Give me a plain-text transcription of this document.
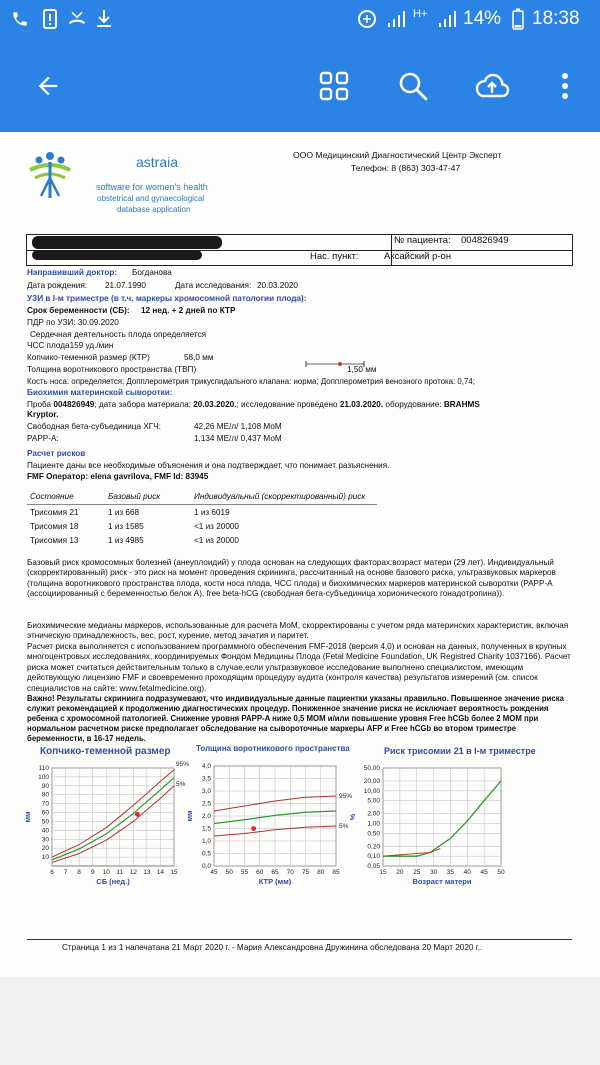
H+ 14% 18:38
astraia
software for women's health
obstetrical and gynaecological
database application
ООО Медицинский Диагностический Центр Эксперт
Телефон: 8 (863) 303-47-47
№ пациента: 004826949
Нас. пункт:	Аксайский р-он
Направивший доктор: Богданова
Дата рождения: 21.07.1990	Дата исследования: 20.03.2020
УЗИ в I-м триместре (в т.ч. маркеры хромосомной патологии плода):
Срок беременности (СБ): 12 нед. + 2 дней по КТР
ПДР по УЗИ: 30.09.2020
Сердечная деятельность плода определяется
ЧСС плода159 уд./мин
Копчико-теменной размер (КТР)	58,0 мм
Толщина воротникового пространства (ТВП)	1,50 мм
Кость носа: определяется; Допплерометрия трикуспидального клапана: норма; Допплерометрия венозного протока: 0,74;
Биохимия материнской сыворотки:
Проба 004826949; дата забора материала: 20.03.2020.; исследование проведено 21.03.2020. оборудование: BRAHMS
Kryptor.
Свободная бета-субъединица ХГЧ:	42,26 МЕ/л/ 1,108 МоМ
PAPP-A:	1,134 МЕ/л/ 0,437 МоМ
Расчет рисков
Пациенте даны все необходимые объяснения и она подтверждает, что понимает разъяснения.
FMF Оператор: elena gavrilova, FMF Id: 83945
Состояние	Базовый риск	Индивидуальный (скорректированный) риск
Трисомия 21	1 из 668	1 из 6019
Трисомия 18	1 из 1585	<1 из 20000
Трисомия 13	1 из 4985	<1 из 20000
Базовый риск хромосомных болезней (анеуплоидий) у плода основан на следующих факторах:возраст матери (29 лет). Индивидуальный (скорректированный) риск - это риск на момент проведения скрининга, рассчитанный на основе базового риска, ультразвуковых маркеров (толщина воротникового пространства плода, кости носа плода, ЧСС плода) и биохимических маркеров материнской сыворотки (PAPP-A (ассоциированный с беременностью белок А), free beta-hCG (свободная бета-субъединица хорионического гонадотропина)).
Биохимические медианы маркеров, использованные для расчета МоМ, скорректированы с учетом ряда материнских характеристик, включая этническую принадлежность, вес, рост, курение, метод зачатия и паритет.
Расчет риска выполняется с использованием программного обеспечения FMF-2018 (версия 4,0) и основан на данных, полученных в крупных многоцентровых исследованиях, координируемых Фондом Медицины Плода (Fetal Medicine Foundation, UK Registred Charity 1037166). Расчет риска может считаться действительным только в случае,если ультразвуковое исследование выполнено специалистом, имеющим действующую лицензию FMF и своевременно проходящим процедуру аудита (контроля качества) результатов измерений (см. список специалистов на сайте: www.fetalmedicine.org).
Важно! Результаты скрининга подразумевают, что индивидуальные данные пациентки указаны правильно. Повышенное значение риска служит рекомендацией к продолжению диагностических процедур. Пониженное значение риска не исключает вероятность рождения ребенка с хромосомной патологией. Снижение уровня PAPP-A ниже 0,5 МОМ и/или повышение уровня Free hCGb более 2 МОМ при нормальном расчетном риске предполагает обследование на сывороточные маркеры AFP и Free hCGb во втором триместре беременности, в 16-17 недель.
Копчико-теменной размер	Толщина воротникового пространства	Риск трисомии 21 в I-м триместре
6 7 8 9 10 11 12 13 14 15
110
100
90
80
70
60
50
40
30
20
10
95%
5%
СБ (нед.)
мм
45 50 55 60 65 70 75 80 85
4,0
3,5
3,0
2,5
2,0
1,5
1,0
0,5
0,0
95%
5%
КТР (мм)
мм
15 20 25 30 35 40 45 50
50,00
20,00
10,00
5,00
2,00
1,00
0,50
0,20
0,10
0,05
Возраст матери
%
Страница 1 из 1 напечатана 21 Март 2020 г. - Мария Александровна Дружинина обследована 20 Март 2020 г..
